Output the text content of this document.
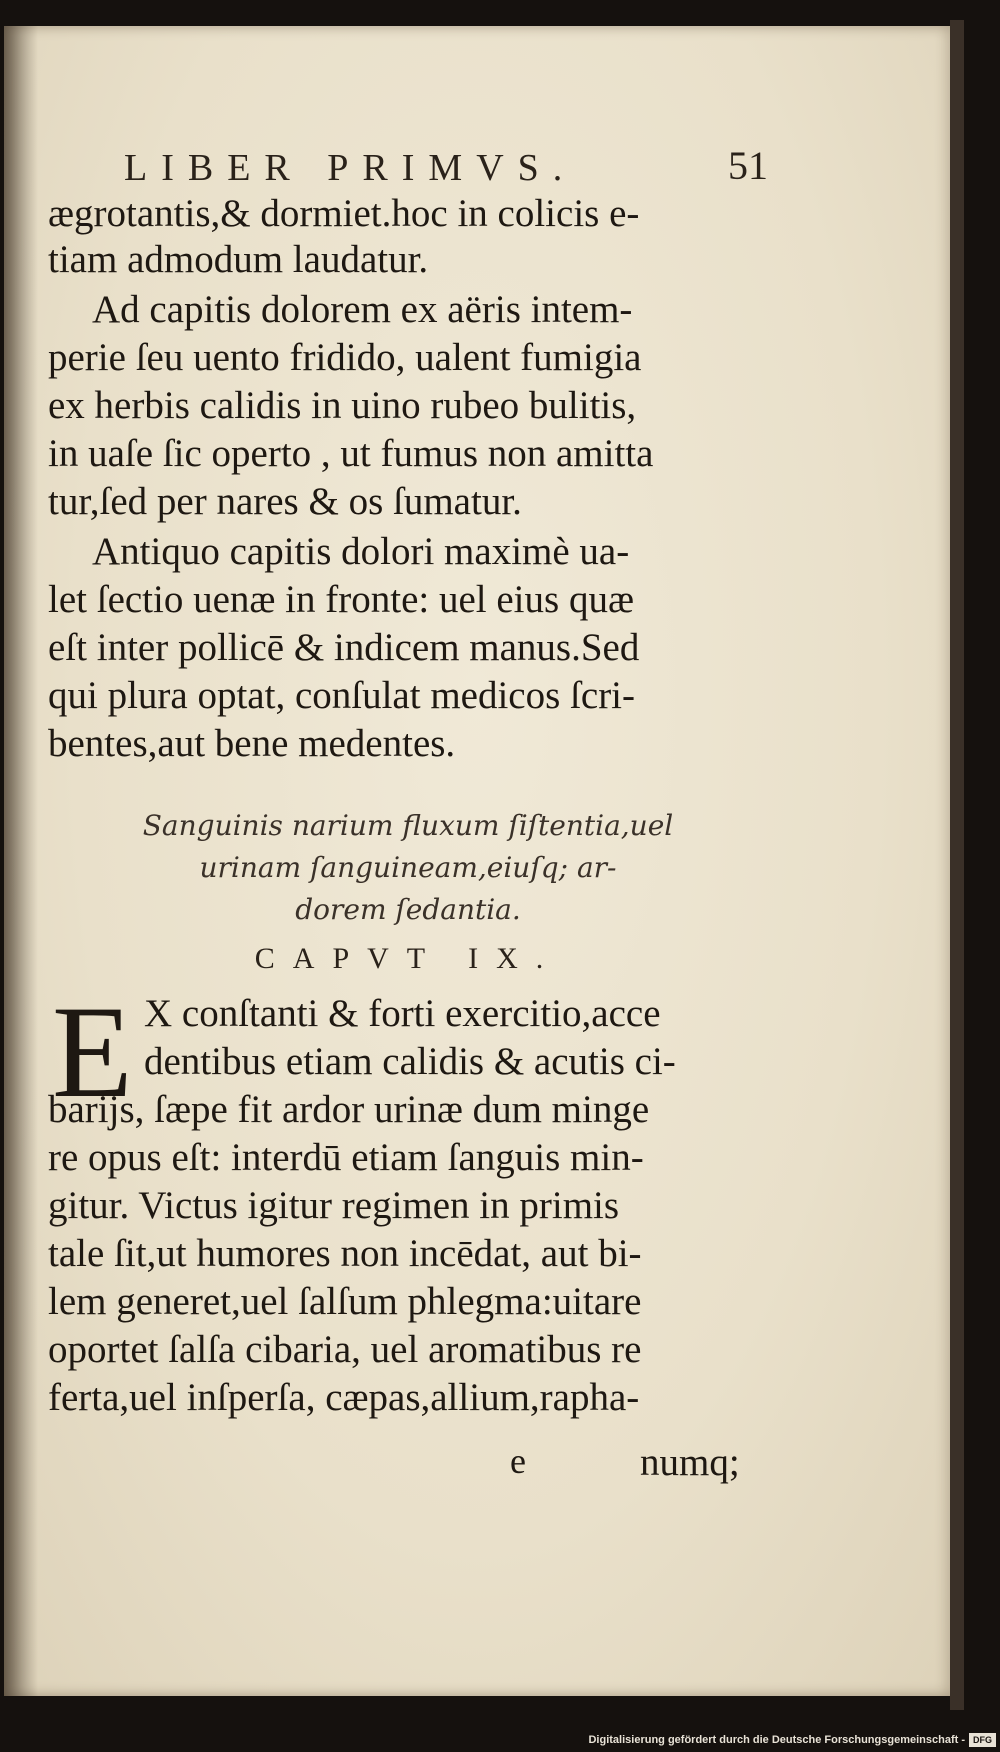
LIBER PRIMVS.	51
ægrotantis,& dormiet.hoc in colicis e-
tiam admodum laudatur.
Ad capitis dolorem ex aëris intem-
perie ſeu uento fridido, ualent fumigia
ex herbis calidis in uino rubeo bulitis,
in uaſe ſic operto , ut fumus non amitta
tur,ſed per nares & os ſumatur.
Antiquo capitis dolori maximè ua-
let ſectio uenæ in fronte: uel eius quæ
eſt inter pollicē & indicem manus.Sed
qui plura optat, conſulat medicos ſcri-
bentes,aut bene medentes.
Sanguinis narium fluxum ſiſtentia,uel
urinam ſanguineam,eiuſq; ar-
dorem ſedantia.
CAPVT IX.
E X conſtanti & forti exercitio,acce
dentibus etiam calidis & acutis ci-
barijs, ſæpe fit ardor urinæ dum minge
re opus eſt: interdū etiam ſanguis min-
gitur. Victus igitur regimen in primis
tale ſit,ut humores non incēdat, aut bi-
lem generet,uel ſalſum phlegma:uitare
oportet ſalſa cibaria, uel aromatibus re
ferta,uel inſperſa, cæpas,allium,rapha-
e	numq;
Digitalisierung gefördert durch die Deutsche Forschungsgemeinschaft - DFG
